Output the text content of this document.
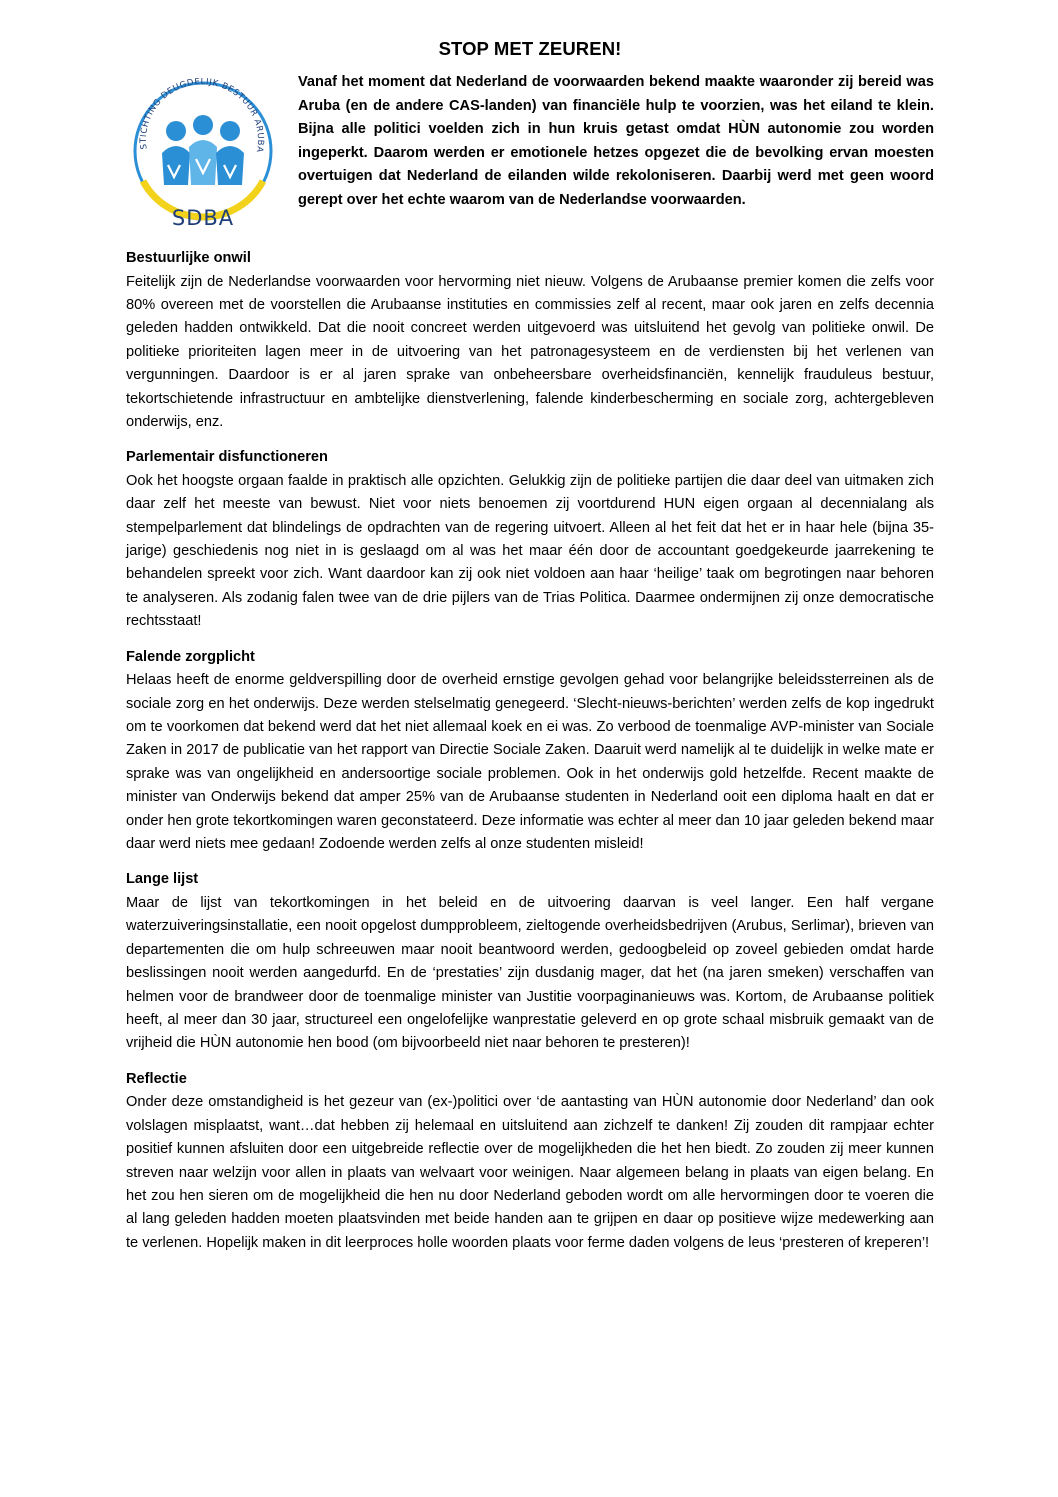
STOP MET ZEUREN!
STICHTING DEUGDELIJK BESTUUR ARUBA
SDBA

Vanaf het moment dat Nederland de voorwaarden bekend maakte waaronder zij bereid was Aruba (en de andere CAS-landen) van financiële hulp te voorzien, was het eiland te klein. Bijna alle politici voelden zich in hun kruis getast omdat HÙN autonomie zou worden ingeperkt. Daarom werden er emotionele hetzes opgezet die de bevolking ervan moesten overtuigen dat Nederland de eilanden wilde rekoloniseren. Daarbij werd met geen woord gerept over het echte waarom van de Nederlandse voorwaarden.

Bestuurlijke onwil

Feitelijk zijn de Nederlandse voorwaarden voor hervorming niet nieuw. Volgens de Arubaanse premier komen die zelfs voor 80% overeen met de voorstellen die Arubaanse instituties en commissies zelf al recent, maar ook jaren en zelfs decennia geleden hadden ontwikkeld. Dat die nooit concreet werden uitgevoerd was uitsluitend het gevolg van politieke onwil. De politieke prioriteiten lagen meer in de uitvoering van het patronagesysteem en de verdiensten bij het verlenen van vergunningen. Daardoor is er al jaren sprake van onbeheersbare overheidsfinanciën, kennelijk frauduleus bestuur, tekortschietende infrastructuur en ambtelijke dienstverlening, falende kinderbescherming en sociale zorg, achtergebleven onderwijs, enz.

Parlementair disfunctioneren

Ook het hoogste orgaan faalde in praktisch alle opzichten. Gelukkig zijn de politieke partijen die daar deel van uitmaken zich daar zelf het meeste van bewust. Niet voor niets benoemen zij voortdurend HUN eigen orgaan al decennialang als stempelparlement dat blindelings de opdrachten van de regering uitvoert. Alleen al het feit dat het er in haar hele (bijna 35-jarige) geschiedenis nog niet in is geslaagd om al was het maar één door de accountant goedgekeurde jaarrekening te behandelen spreekt voor zich. Want daardoor kan zij ook niet voldoen aan haar ‘heilige’ taak om begrotingen naar behoren te analyseren. Als zodanig falen twee van de drie pijlers van de Trias Politica. Daarmee ondermijnen zij onze democratische rechtsstaat!

Falende zorgplicht

Helaas heeft de enorme geldverspilling door de overheid ernstige gevolgen gehad voor belangrijke beleidssterreinen als de sociale zorg en het onderwijs. Deze werden stelselmatig genegeerd. ‘Slecht-nieuws-berichten’ werden zelfs de kop ingedrukt om te voorkomen dat bekend werd dat het niet allemaal koek en ei was. Zo verbood de toenmalige AVP-minister van Sociale Zaken in 2017 de publicatie van het rapport van Directie Sociale Zaken. Daaruit werd namelijk al te duidelijk in welke mate er sprake was van ongelijkheid en andersoortige sociale problemen. Ook in het onderwijs gold hetzelfde. Recent maakte de minister van Onderwijs bekend dat amper 25% van de Arubaanse studenten in Nederland ooit een diploma haalt en dat er onder hen grote tekortkomingen waren geconstateerd. Deze informatie was echter al meer dan 10 jaar geleden bekend maar daar werd niets mee gedaan! Zodoende werden zelfs al onze studenten misleid!

Lange lijst

Maar de lijst van tekortkomingen in het beleid en de uitvoering daarvan is veel langer. Een half vergane waterzuiveringsinstallatie, een nooit opgelost dumpprobleem, zieltogende overheidsbedrijven (Arubus, Serlimar), brieven van departementen die om hulp schreeuwen maar nooit beantwoord werden, gedoogbeleid op zoveel gebieden omdat harde beslissingen nooit werden aangedurfd. En de ‘prestaties’ zijn dusdanig mager, dat het (na jaren smeken) verschaffen van helmen voor de brandweer door de toenmalige minister van Justitie voorpaginanieuws was. Kortom, de Arubaanse politiek heeft, al meer dan 30 jaar, structureel een ongelofelijke wanprestatie geleverd en op grote schaal misbruik gemaakt van de vrijheid die HÙN autonomie hen bood (om bijvoorbeeld niet naar behoren te presteren)!

Reflectie

Onder deze omstandigheid is het gezeur van (ex-)politici over ‘de aantasting van HÙN autonomie door Nederland’ dan ook volslagen misplaatst, want…dat hebben zij helemaal en uitsluitend aan zichzelf te danken! Zij zouden dit rampjaar echter positief kunnen afsluiten door een uitgebreide reflectie over de mogelijkheden die het hen biedt. Zo zouden zij meer kunnen streven naar welzijn voor allen in plaats van welvaart voor weinigen. Naar algemeen belang in plaats van eigen belang. En het zou hen sieren om de mogelijkheid die hen nu door Nederland geboden wordt om alle hervormingen door te voeren die al lang geleden hadden moeten plaatsvinden met beide handen aan te grijpen en daar op positieve wijze medewerking aan te verlenen. Hopelijk maken in dit leerproces holle woorden plaats voor ferme daden volgens de leus ‘presteren of kreperen’!
